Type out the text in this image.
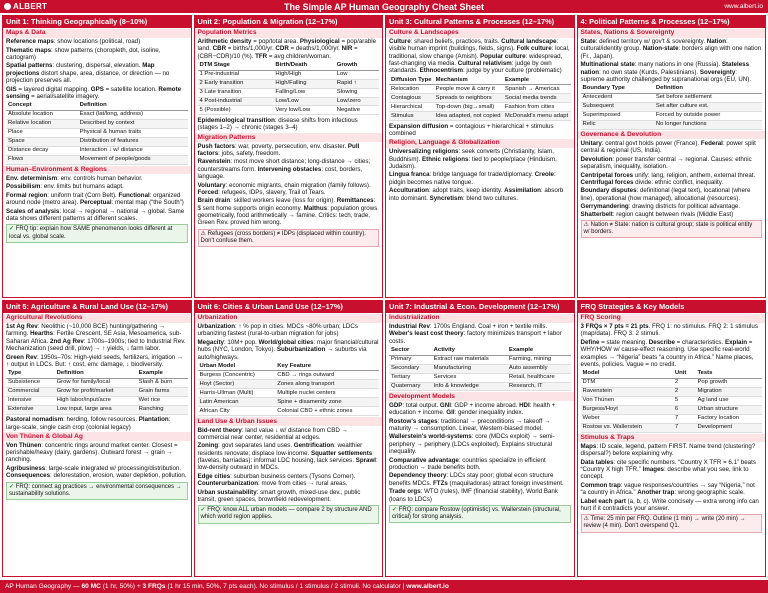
ALBERT	The Simple AP Human Geography Cheat Sheet	www.albert.io
Unit 1: Thinking Geographically (8–10%)
Maps & Data
Reference maps: show locations (political, road)
Thematic maps: show patterns (choropleth, dot, isoline, cartogram)
Spatial patterns: clustering, dispersal, elevation. Map projections distort shape, area, distance, or direction — no projection preserves all.
GIS = layered digital mapping. GPS = satellite location. Remote sensing = aerial/satellite imagery.
Concept	Definition
Absolute location	Exact (lat/long, address)
Relative location	Described by context
Place	Physical & human traits
Space	Distribution of features
Distance decay	Interaction ↓ w/ distance
Flows	Movement of people/goods
Human–Environment & Regions
Env. determinism: env. controls human behavior.
Possibilism: env. limits but humans adapt.
Formal region: uniform trait (Corn Belt). Functional: organized around node (metro area). Perceptual: mental map (“the South”)
Scales of analysis: local → regional → national → global. Same data shows different patterns at different scales.
✓ FRQ tip: explain how SAME phenomenon looks different at local vs. global scale.
Unit 2: Population & Migration (12–17%)
Population Metrics
Arithmetic density = pop/total area. Physiological = pop/arable land. CBR = births/1,000/yr. CDR = deaths/1,000/yr. NIR = (CBR−CDR)/10 (%). TFR = avg children/woman.
DTM Stage	Birth/Death	Growth
1 Pre-industrial	High/High	Low
2 Early transition	High/Falling	Rapid ↑
3 Late transition	Falling/Low	Slowing
4 Post-industrial	Low/Low	Low/zero
5 (Possible)	Very low/Low	Negative
Epidemiological transition: disease shifts from infectious (stages 1–2) → chronic (stages 3–4)
Migration Patterns
Push factors: war, poverty, persecution, env. disaster. Pull factors: jobs, safety, freedom.
Ravenstein: most move short distance; long-distance → cities; counterstreams form. Intervening obstacles: cost, borders, language.
Voluntary: economic migrants, chain migration (family follows). Forced: refugees, IDPs, slavery, Trail of Tears.
Brain drain: skilled workers leave (loss for origin). Remittances: $ sent home supports origin economy. Malthus: population grows geometrically, food arithmetically → famine. Critics: tech, trade, Green Rev. proved him wrong.
⚠ Refugees (cross borders) ≠ IDPs (displaced within country). Don't confuse them.
Unit 3: Cultural Patterns & Processes (12–17%)
Culture & Landscapes
Culture: shared beliefs, practices, traits. Cultural landscape: visible human imprint (buildings, fields, signs). Folk culture: local, traditional, slow change (Amish). Popular culture: widespread, fast-changing via media. Cultural relativism: judge by own standards. Ethnocentrism: judge by your culture (problematic)
Diffusion Type	Mechanism	Example
Relocation	People move & carry it	Spanish → Americas
Contagious	Spreads to neighbors	Social media trends
Hierarchical	Top-down (big→small)	Fashion from cities
Stimulus	Idea adapted, not copied	McDonald's menu adapt
Expansion diffusion = contagious + hierarchical + stimulus combined
Religion, Language & Globalization
Universalizing religions: seek converts (Christianity, Islam, Buddhism). Ethnic religions: tied to people/place (Hinduism, Judaism).
Lingua franca: bridge language for trade/diplomacy. Creole: pidgin becomes native tongue.
Acculturation: adopt traits, keep identity. Assimilation: absorb into dominant. Syncretism: blend two cultures.
4: Political Patterns & Processes (12–17%)
States, Nations & Sovereignty
State: defined territory w/ gov't & sovereignty. Nation: cultural/identity group. Nation-state: borders align with one nation (Fr., Japan).
Multinational state: many nations in one (Russia). Stateless nation: no own state (Kurds, Palestinians). Sovereignty: supreme authority challenged by supranational orgs (EU, UN).
Boundary Type	Definition
Antecedent	Set before settlement
Subsequent	Set after culture est.
Superimposed	Forced by outside power
Relic	No longer functions
Governance & Devolution
Unitary: central govt holds power (France). Federal: power split central & regional (US, India).
Devolution: power transfer central → regional. Causes: ethnic separatism, inequality, isolation.
Centripetal forces unify: lang, religion, anthem, external threat. Centrifugal forces divide: ethnic conflict, inequality.
Boundary disputes: definitional (legal text), locational (where line), operational (how managed), allocational (resources).
Gerrymandering: drawing districts for political advantage. Shatterbelt: region caught between rivals (Middle East)
⚠ Nation ≠ State: nation is cultural group; state is political entity w/ borders.
Unit 5: Agriculture & Rural Land Use (12–17%)
Agricultural Revolutions
1st Ag Rev: Neolithic (~10,000 BCE) hunting/gathering → farming. Hearths: Fertile Crescent, SE Asia, Mesoamerica, sub-Saharan Africa. 2nd Ag Rev: 1700s–1900s; tied to Industrial Rev. Mechanization (seed drill, plow) → ↑ yields, ↓ farm labor.
Green Rev: 1950s–70s: High-yield seeds, fertilizers, irrigation → ↑ output in LDCs. But: ↑ cost, env. damage, ↓ biodiversity.
Type	Definition	Example
Subsistence	Grow for family/local	Slash & burn
Commercial	Grow for profit/market	Grain farms
Intensive	High labor/input/acre	Wet rice
Extensive	Low input, large area	Ranching
Pastoral nomadism: herding, follow resources. Plantation: large-scale, single cash crop (colonial legacy)
Von Thünen & Global Ag
Von Thünen: concentric rings around market center. Closest = perishable/heavy (dairy, gardens). Outward forest → grain → ranching.
Agribusiness: large-scale integrated w/ processing/distribution. Consequences: deforestation, erosion, water depletion, pollution.
✓ FRQ: connect ag practices → environmental consequences → sustainability solutions.
Unit 6: Cities & Urban Land Use (12–17%)
Urbanization
Urbanization: ↑ % pop in cities. MDCs ~80% urban; LDCs urbanizing fastest (rural-to-urban migration for jobs)
Megacity: 10M+ pop. World/global cities: major financial/cultural hubs (NYC, London, Tokyo). Suburbanization → suburbs via auto/highways.
Urban Model	Key Feature
Burgess (Concentric)	CBD → rings outward
Hoyt (Sector)	Zones along transport
Harris-Ullman (Multi)	Multiple nuclei centers
Latin American	Spine + disamenity zone
African City	Colonial CBD + ethnic zones
Land Use & Urban Issues
Bid-rent theory: land value ↓ w/ distance from CBD → commercial near center, residential at edges.
Zoning: govt separates land uses. Gentrification: wealthier residents renovate; displace low-income. Squatter settlements (favelas, barriadas): informal LDC housing, lack services. Sprawl: low-density outward in MDCs.
Edge cities: suburban business centers (Tysons Corner). Counterurbanization: move from cities → rural areas.
Urban sustainability: smart growth, mixed-use dev., public transit, green spaces, brownfield redevelopment.
✓ FRQ: know ALL urban models — compare 2 by structure AND which world region applies.
Unit 7: Industrial & Econ. Development (12–17%)
Industrialization
Industrial Rev: 1700s England. Coal + iron + textile mills. Weber's least cost theory: factory minimizes transport + labor costs.
Sector	Activity	Example
Primary	Extract raw materials	Farming, mining
Secondary	Manufacturing	Auto assembly
Tertiary	Services	Retail, healthcare
Quaternary	Info & knowledge	Research, IT
Development Models
GDP: total output. GNI: GDP + income abroad. HDI: health + education + income. GII: gender inequality index.
Rostow's stages: traditional → preconditions → takeoff → maturity → consumption. Linear, Western-biased model.
Wallerstein's world-systems: core (MDCs exploit) → semi-periphery → periphery (LDCs exploited). Explains structural inequality.
Comparative advantage: countries specialize in efficient production → trade benefits both.
Dependency theory: LDCs stay poor; global econ structure benefits MDCs. FTZs (maquiladoras) attract foreign investment.
Trade orgs: WTO (rules), IMF (financial stability), World Bank (loans to LDCs)
✓ FRQ: compare Rostow (optimistic) vs. Wallerstein (structural, critical) for strong analysis.
FRQ Strategies & Key Models
FRQ Scoring
3 FRQs × 7 pts = 21 pts. FRQ 1: no stimulus. FRQ 2: 1 stimulus (map/data). FRQ 3: 2 stimuli.
Define = state meaning. Describe = characteristics. Explain = WHY/HOW w/ cause-effect reasoning. Use specific real-world examples → “Nigeria” beats “a country in Africa.” Name places, events, policies. Vague = no credit.
Model	Unit	Tests
DTM	2	Pop growth
Ravenstein	2	Migration
Von Thünen	5	Ag land use
Burgess/Hoyt	6	Urban structure
Weber	7	Factory location
Rostow vs. Wallerstein	7	Development
Stimulus & Traps
Maps: ID scale, legend, pattern FIRST. Name trend (clustering? dispersal?) before explaining why.
Data tables: cite specific numbers. “Country X TFR = 6.1” beats “Country X high TFR.” Images: describe what you see, link to concept.
Common trap: vague responses/countries → say “Nigeria,” not “a country in Africa.” Another trap: wrong geographic scale.
Label each part (a, b, c). Write concisely — extra wrong info can hurt if it contradicts your answer.
⚠ Time: 25 min per FRQ. Outline (1 min) → write (20 min) → review (4 min). Don't overspend Q1.
AP Human Geography — 60 MC (1 hr, 50%) + 3 FRQs (1 hr 15 min, 50%, 7 pts each). No stimulus / 1 stimulus / 2 stimuli. No calculator | www.albert.io
